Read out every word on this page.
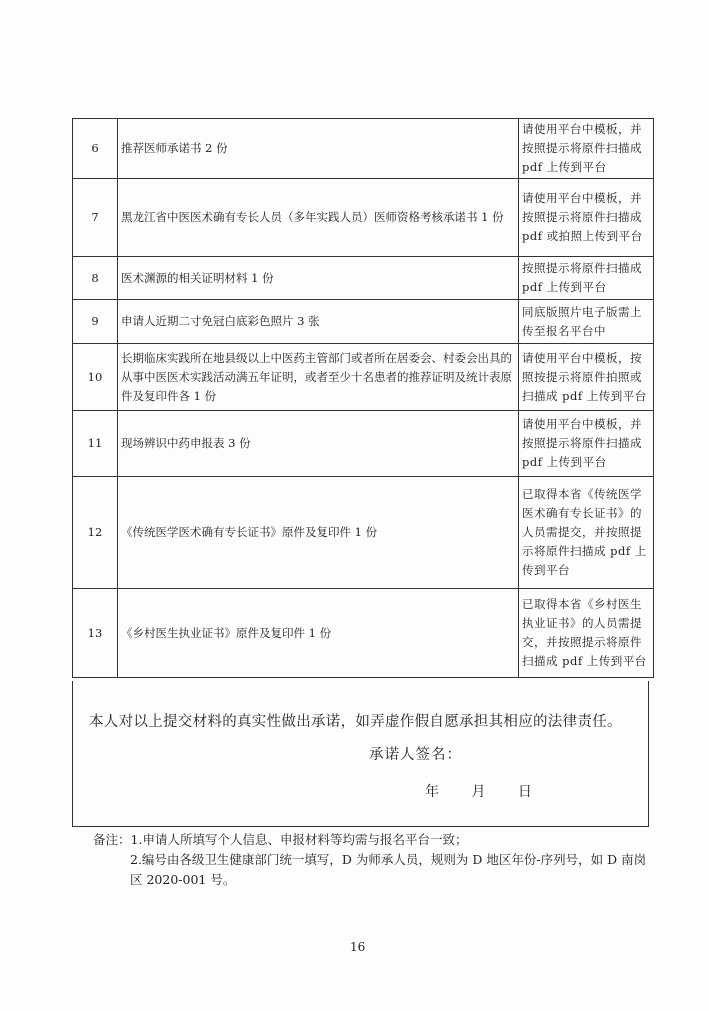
6	推荐医师承诺书 2 份	请使用平台中模板，并按照提示将原件扫描成 pdf 上传到平台
7	黑龙江省中医医术确有专长人员（多年实践人员）医师资格考核承诺书 1 份	请使用平台中模板，并按照提示将原件扫描成 pdf 或拍照上传到平台
8	医术渊源的相关证明材料 1 份	按照提示将原件扫描成 pdf 上传到平台
9	申请人近期二寸免冠白底彩色照片 3 张	同底版照片电子版需上传至报名平台中
10	长期临床实践所在地县级以上中医药主管部门或者所在居委会、村委会出具的从事中医医术实践活动满五年证明，或者至少十名患者的推荐证明及统计表原件及复印件各 1 份	请使用平台中模板，按照按提示将原件拍照或扫描成 pdf 上传到平台
11	现场辨识中药申报表 3 份	请使用平台中模板，并按照提示将原件扫描成 pdf 上传到平台
12	《传统医学医术确有专长证书》原件及复印件 1 份	已取得本省《传统医学医术确有专长证书》的人员需提交，并按照提示将原件扫描成 pdf 上传到平台
13	《乡村医生执业证书》原件及复印件 1 份	已取得本省《乡村医生执业证书》的人员需提交，并按照提示将原件扫描成 pdf 上传到平台
本人对以上提交材料的真实性做出承诺，如弄虚作假自愿承担其相应的法律责任。
承诺人签名：
年 月 日
备注：1.申请人所填写个人信息、申报材料等均需与报名平台一致；
2.编号由各级卫生健康部门统一填写，D 为师承人员，规则为 D 地区年份-序列号，如 D 南岗区 2020-001 号。
16
